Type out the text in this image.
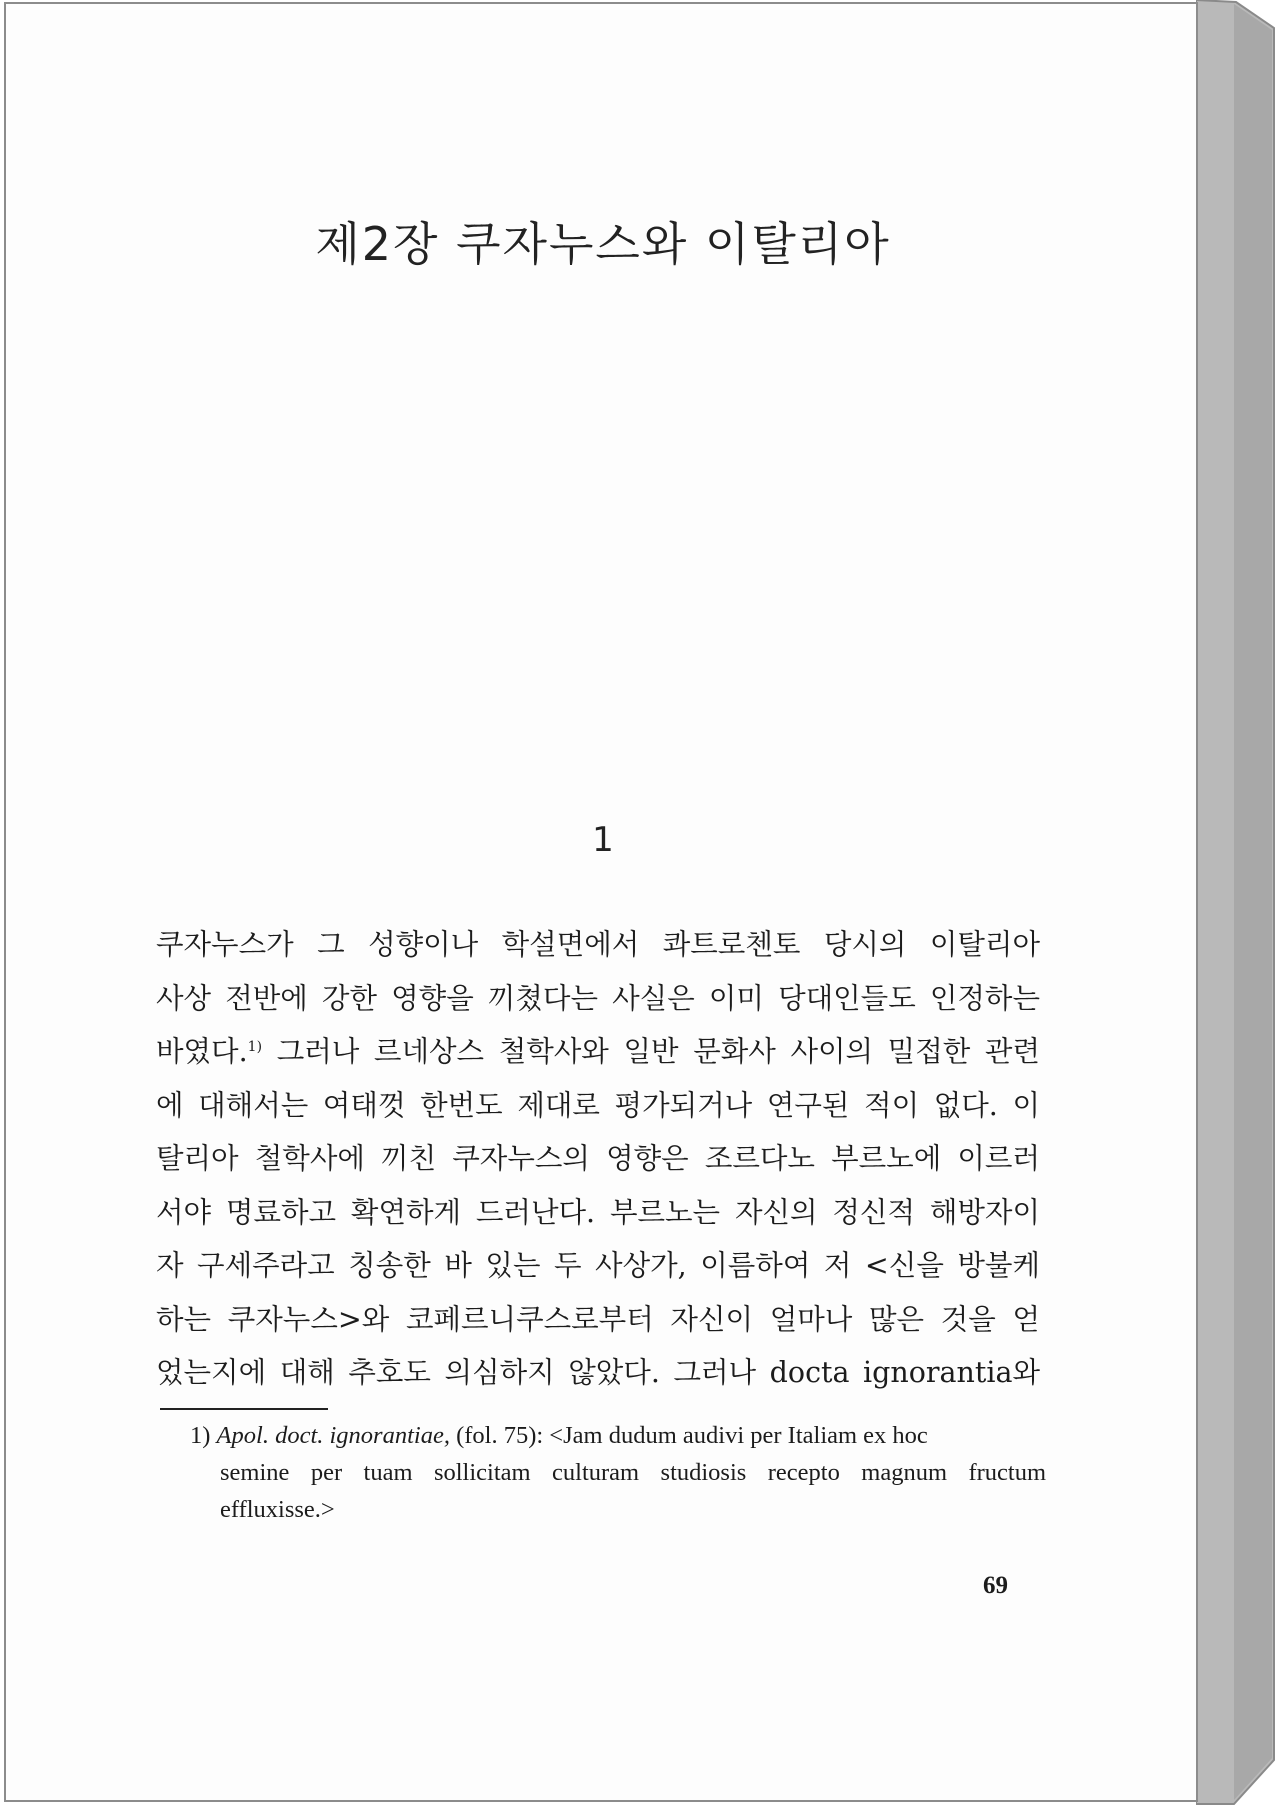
제2장 쿠자누스와 이탈리아
1
쿠자누스가 그 성향이나 학설면에서 콰트로첸토 당시의 이탈리아
사상 전반에 강한 영향을 끼쳤다는 사실은 이미 당대인들도 인정하는
바였다.$^{1)}$ 그러나 르네상스 철학사와 일반 문화사 사이의 밀접한 관련
에 대해서는 여태껏 한번도 제대로 평가되거나 연구된 적이 없다. 이
탈리아 철학사에 끼친 쿠자누스의 영향은 조르다노 부르노에 이르러
서야 명료하고 확연하게 드러난다. 부르노는 자신의 정신적 해방자이
자 구세주라고 칭송한 바 있는 두 사상가, 이름하여 저 <신을 방불케
하는 쿠자누스>와 코페르니쿠스로부터 자신이 얼마나 많은 것을 얻
었는지에 대해 추호도 의심하지 않았다. 그러나 docta ignorantia와
1) Apol. doct. ignorantiae, (fol. 75): <Jam dudum audivi per Italiam ex hoc
semine per tuam sollicitam culturam studiosis recepto magnum fructum
effluxisse.>
69
